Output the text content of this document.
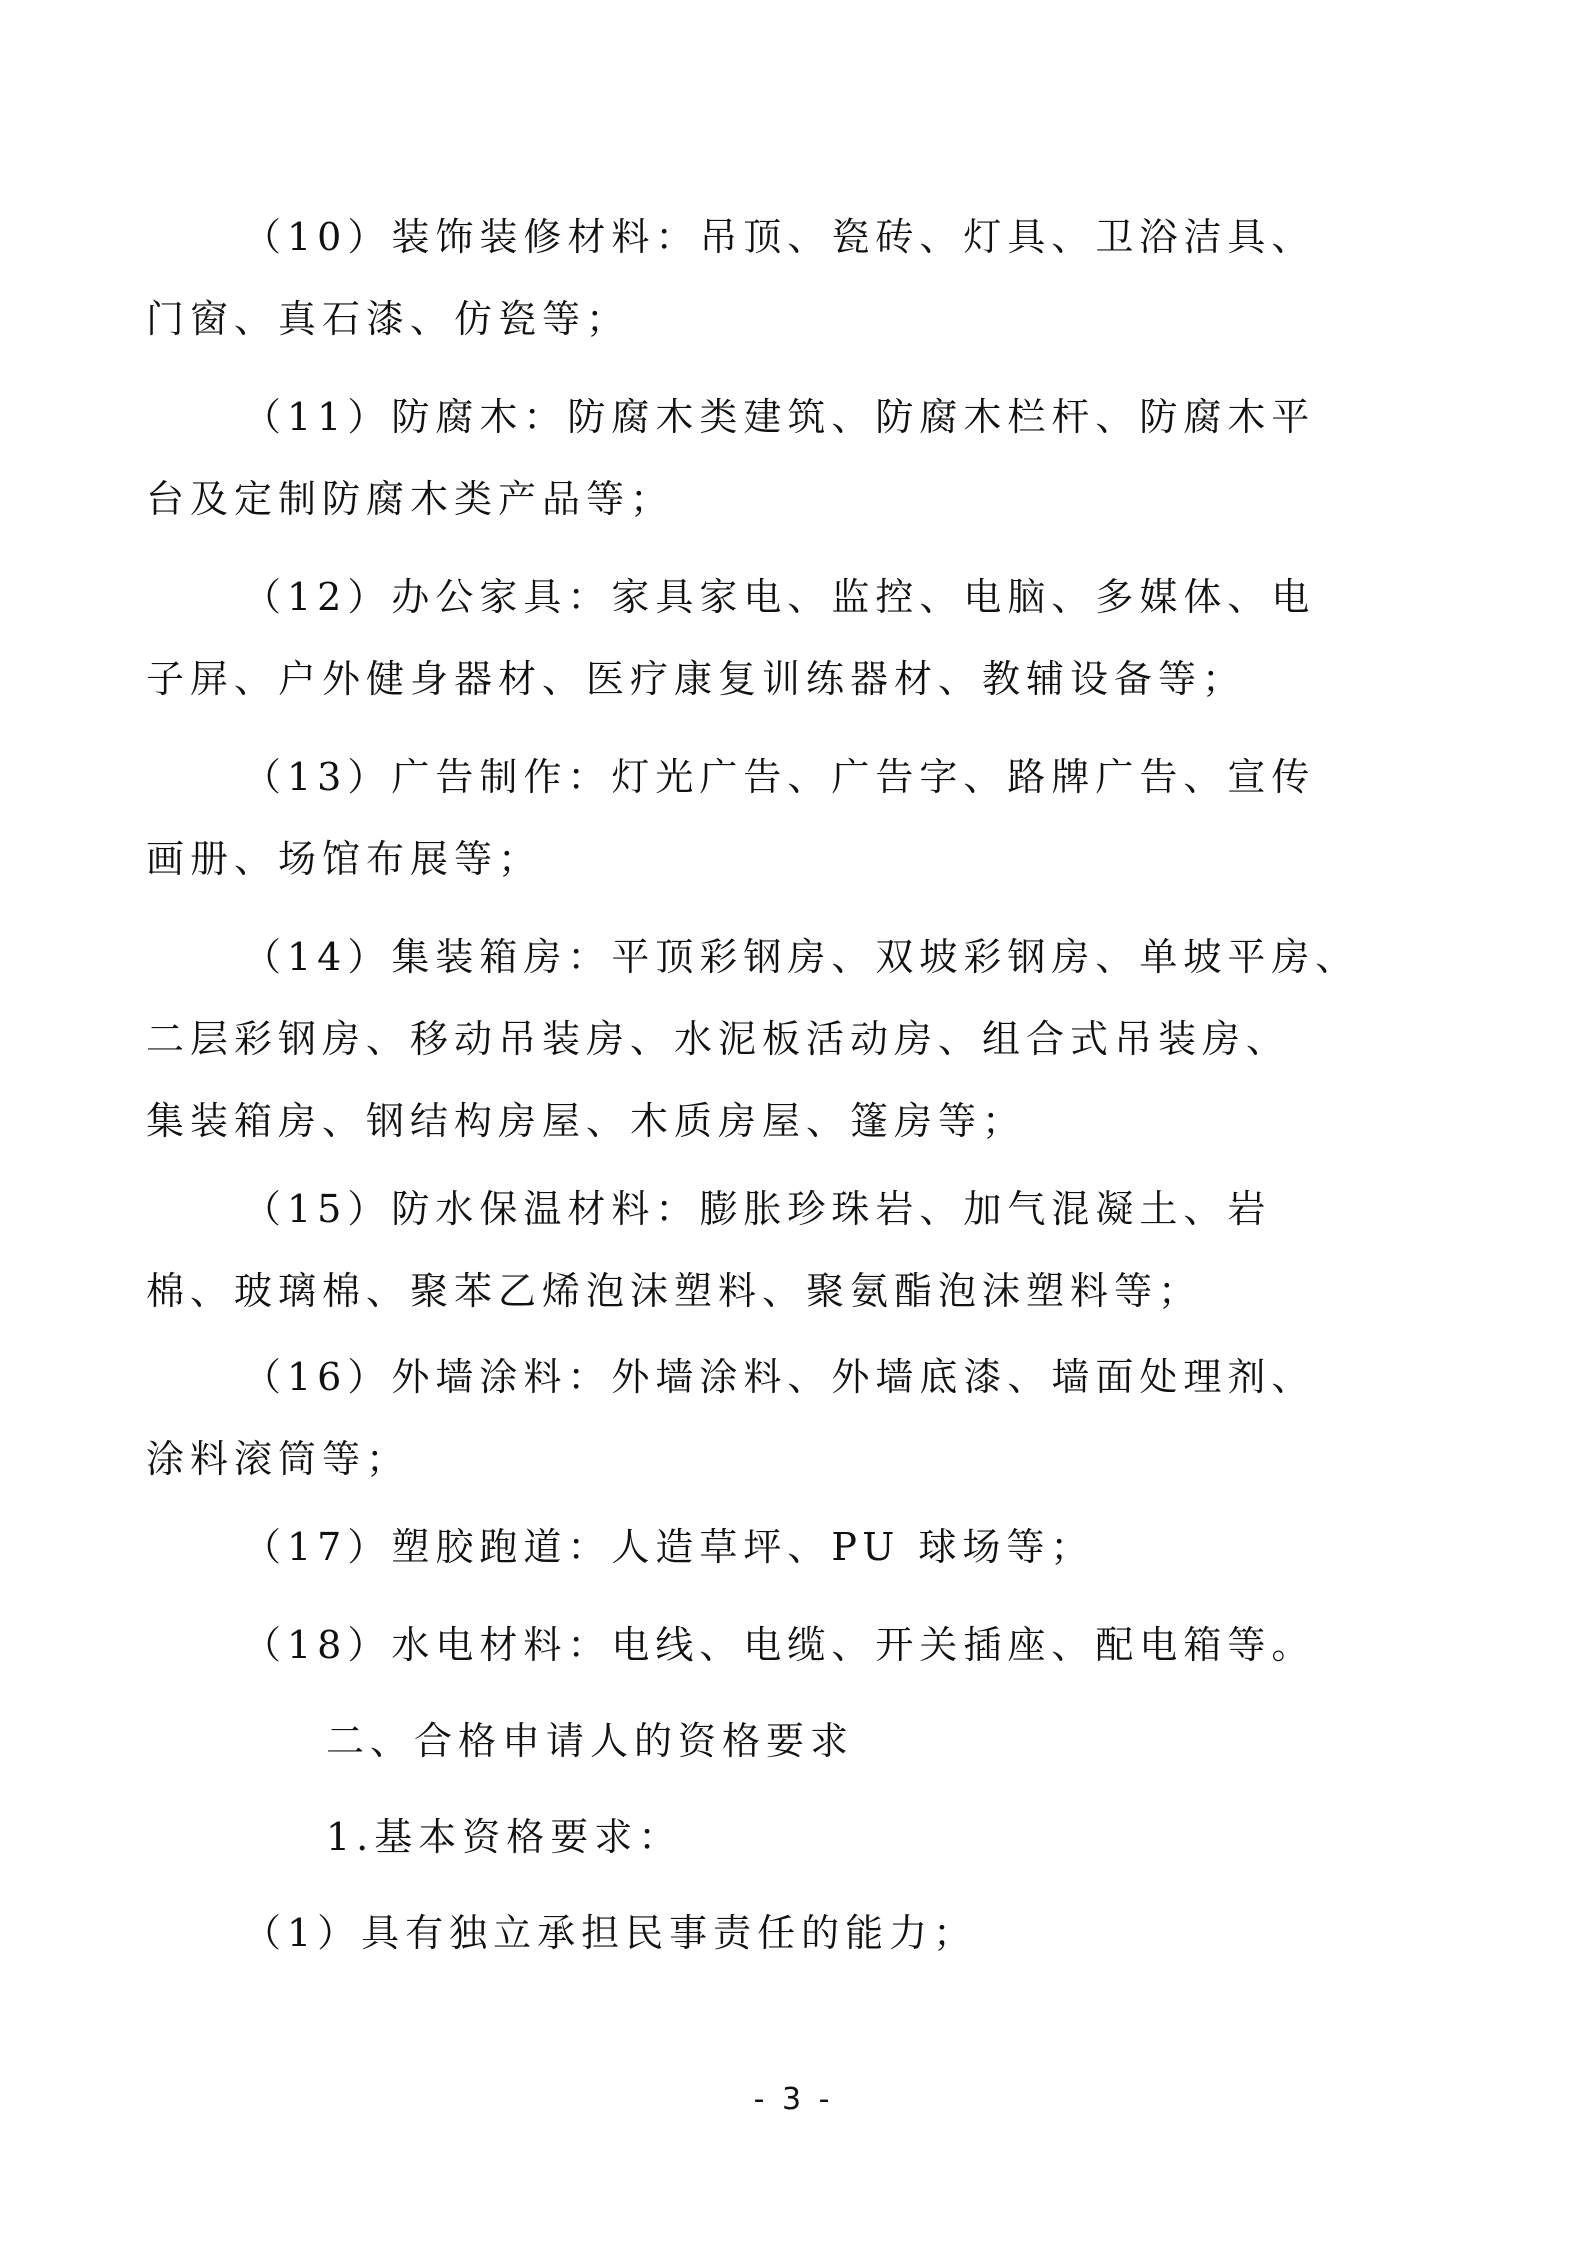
（10）装饰装修材料：吊顶、瓷砖、灯具、卫浴洁具、
门窗、真石漆、仿瓷等；
（11）防腐木：防腐木类建筑、防腐木栏杆、防腐木平
台及定制防腐木类产品等；
（12）办公家具：家具家电、监控、电脑、多媒体、电
子屏、户外健身器材、医疗康复训练器材、教辅设备等；
（13）广告制作：灯光广告、广告字、路牌广告、宣传
画册、场馆布展等；
（14）集装箱房：平顶彩钢房、双坡彩钢房、单坡平房、
二层彩钢房、移动吊装房、水泥板活动房、组合式吊装房、
集装箱房、钢结构房屋、木质房屋、篷房等；
（15）防水保温材料：膨胀珍珠岩、加气混凝土、岩
棉、玻璃棉、聚苯乙烯泡沫塑料、聚氨酯泡沫塑料等；
（16）外墙涂料：外墙涂料、外墙底漆、墙面处理剂、
涂料滚筒等；
（17）塑胶跑道：人造草坪、PU 球场等；
（18）水电材料：电线、电缆、开关插座、配电箱等。
二、合格申请人的资格要求
1.基本资格要求：
（1）具有独立承担民事责任的能力；
- 3 -
